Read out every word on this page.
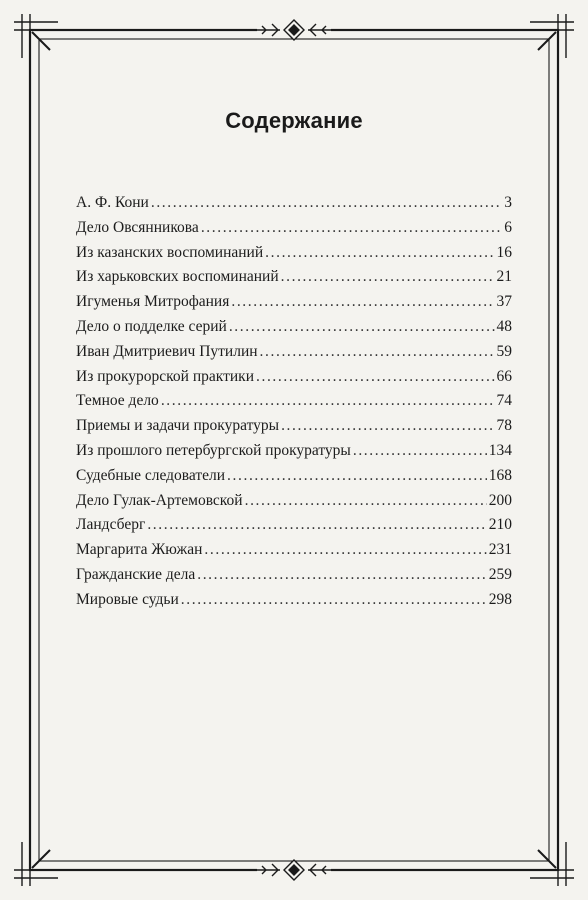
Содержание
А. Ф. Кони .....	3
Дело Овсянникова .....	6
Из казанских воспоминаний .....	16
Из харьковских воспоминаний .....	21
Игуменья Митрофания .....	37
Дело о подделке серий .....	48
Иван Дмитриевич Путилин .....	59
Из прокурорской практики .....	66
Темное дело .....	74
Приемы и задачи прокуратуры .....	78
Из прошлого петербургской прокуратуры .....	134
Судебные следователи .....	168
Дело Гулак-Артемовской .....	200
Ландсберг .....	210
Маргарита Жюжан .....	231
Гражданские дела .....	259
Мировые судьи .....	298
